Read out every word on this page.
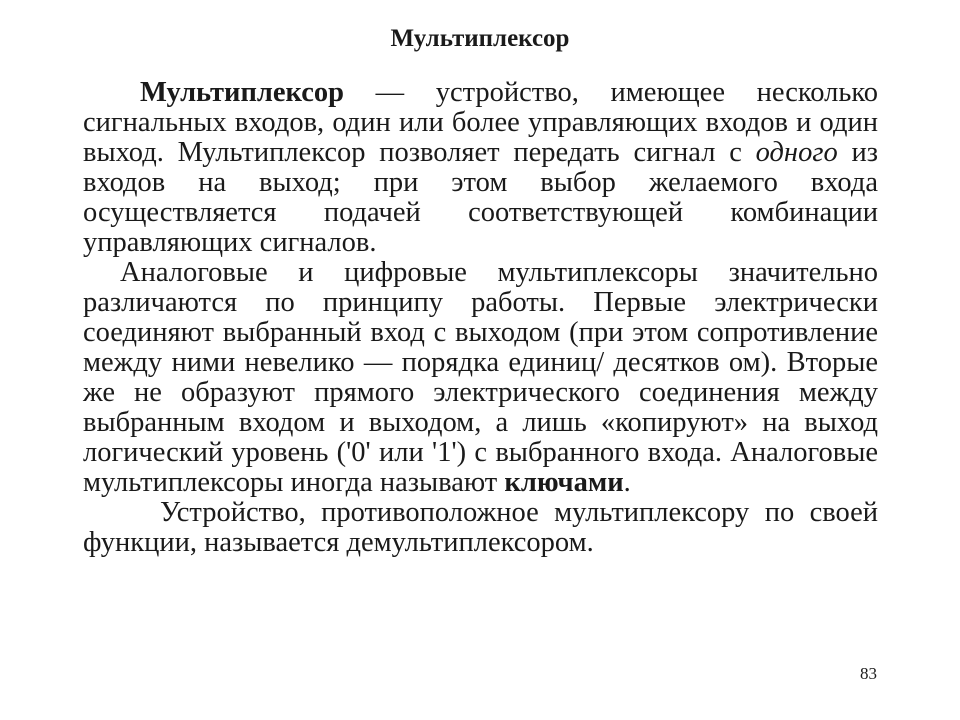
Мультиплексор

Мультиплексор — устройство, имеющее несколько сигнальных входов, один или более управляющих входов и один выход. Мультиплексор позволяет передать сигнал с одного из входов на выход; при этом выбор желаемого входа осуществляется подачей соответствующей комбинации управляющих сигналов.

Аналоговые и цифровые мультиплексоры значительно различаются по принципу работы. Первые электрически соединяют выбранный вход с выходом (при этом сопротивление между ними невелико — порядка единиц/ десятков ом). Вторые же не образуют прямого электрического соединения между выбранным входом и выходом, а лишь «копируют» на выход логический уровень ('0' или '1') с выбранного входа. Аналоговые мультиплексоры иногда называют ключами.

Устройство, противоположное мультиплексору по своей функции, называется демультиплексором.

83
